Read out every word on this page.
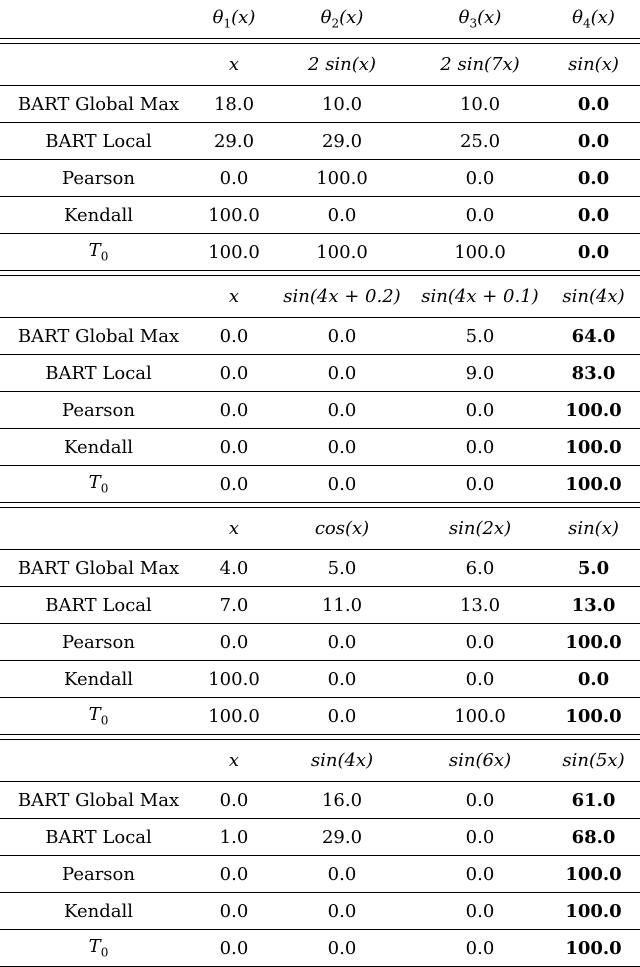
	$\theta_1(x)$	$\theta_2(x)$	$\theta_3(x)$	$\theta_4(x)$

	x	2 sin(x)	2 sin(7x)	sin(x)
BART Global Max	18.0	10.0	10.0	0.0
BART Local	29.0	29.0	25.0	0.0
Pearson	0.0	100.0	0.0	0.0
Kendall	100.0	0.0	0.0	0.0
$T_0$	100.0	100.0	100.0	0.0

	x	sin(4x + 0.2)	sin(4x + 0.1)	sin(4x)
BART Global Max	0.0	0.0	5.0	64.0
BART Local	0.0	0.0	9.0	83.0
Pearson	0.0	0.0	0.0	100.0
Kendall	0.0	0.0	0.0	100.0
$T_0$	0.0	0.0	0.0	100.0

	x	cos(x)	sin(2x)	sin(x)
BART Global Max	4.0	5.0	6.0	5.0
BART Local	7.0	11.0	13.0	13.0
Pearson	0.0	0.0	0.0	100.0
Kendall	100.0	0.0	0.0	0.0
$T_0$	100.0	0.0	100.0	100.0

	x	sin(4x)	sin(6x)	sin(5x)
BART Global Max	0.0	16.0	0.0	61.0
BART Local	1.0	29.0	0.0	68.0
Pearson	0.0	0.0	0.0	100.0
Kendall	0.0	0.0	0.0	100.0
$T_0$	0.0	0.0	0.0	100.0
